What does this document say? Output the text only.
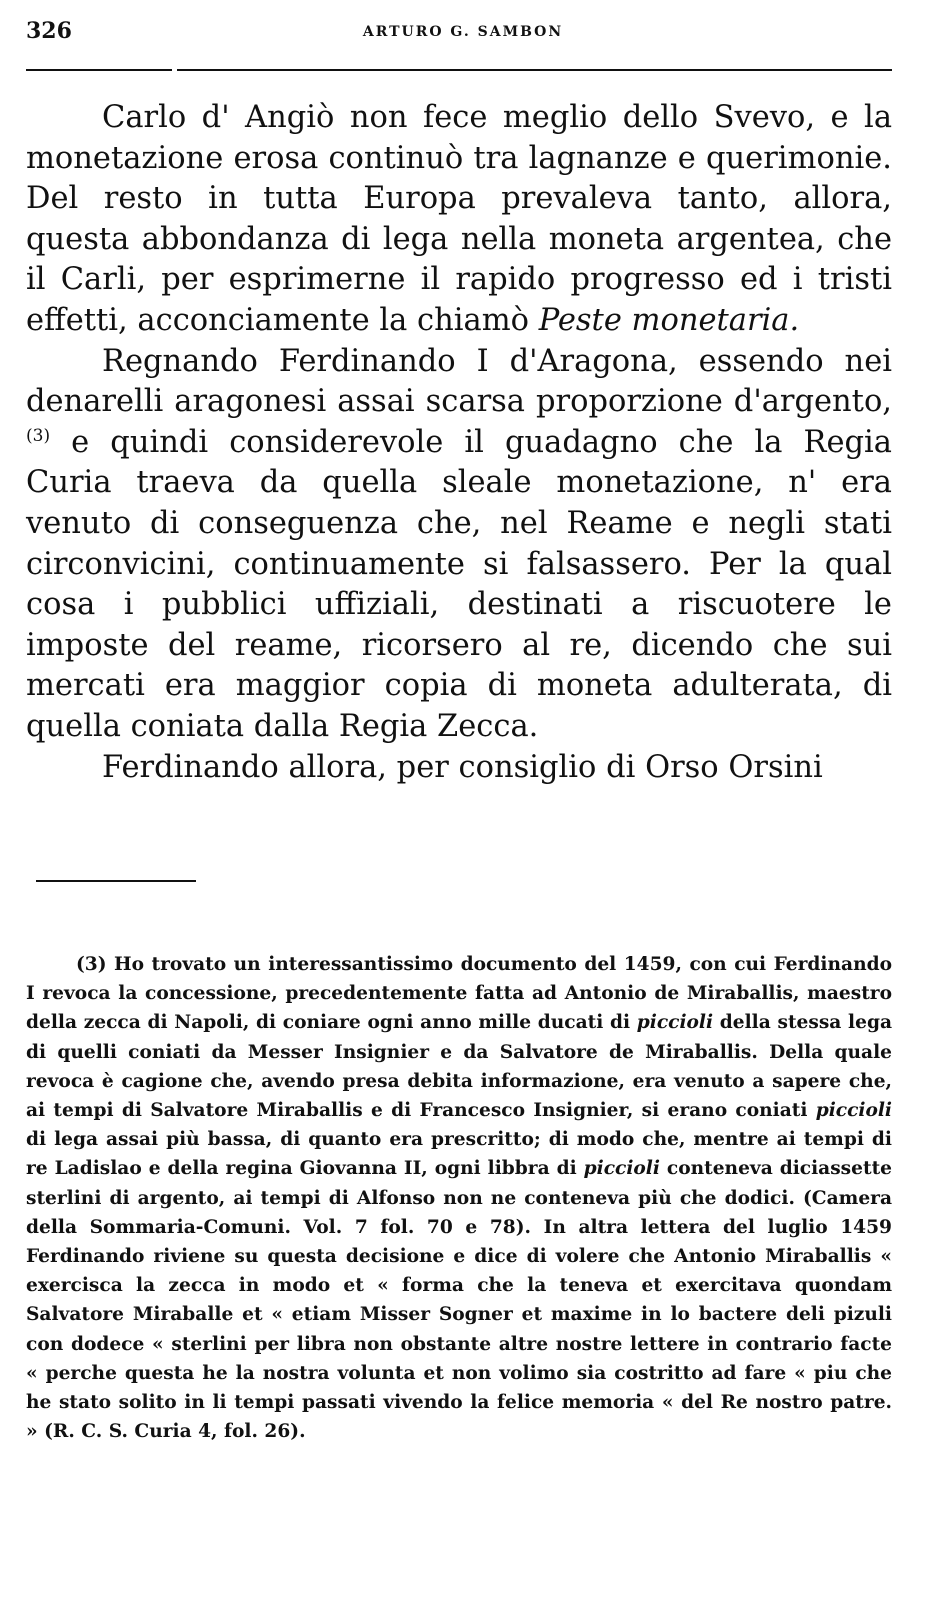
326	ARTURO G. SAMBON

Carlo d' Angiò non fece meglio dello Svevo, e la monetazione erosa continuò tra lagnanze e querimonie. Del resto in tutta Europa prevaleva tanto, allora, questa abbondanza di lega nella moneta argentea, che il Carli, per esprimerne il rapido progresso ed i tristi effetti, acconciamente la chiamò Peste monetaria.

Regnando Ferdinando I d'Aragona, essendo nei denarelli aragonesi assai scarsa proporzione d'argento,$^{(3)}$ e quindi considerevole il guadagno che la Regia Curia traeva da quella sleale monetazione, n' era venuto di conseguenza che, nel Reame e negli stati circonvicini, continuamente si falsassero. Per la qual cosa i pubblici uffiziali, destinati a riscuotere le imposte del reame, ricorsero al re, dicendo che sui mercati era maggior copia di moneta adulterata, di quella coniata dalla Regia Zecca.

Ferdinando allora, per consiglio di Orso Orsini

(3) Ho trovato un interessantissimo documento del 1459, con cui Ferdinando I revoca la concessione, precedentemente fatta ad Antonio de Miraballis, maestro della zecca di Napoli, di coniare ogni anno mille ducati di piccioli della stessa lega di quelli coniati da Messer Insignier e da Salvatore de Miraballis. Della quale revoca è cagione che, avendo presa debita informazione, era venuto a sapere che, ai tempi di Salvatore Miraballis e di Francesco Insignier, si erano coniati piccioli di lega assai più bassa, di quanto era prescritto; di modo che, mentre ai tempi di re Ladislao e della regina Giovanna II, ogni libbra di piccioli conteneva diciassette sterlini di argento, ai tempi di Alfonso non ne conteneva più che dodici. (Camera della Sommaria-Comuni. Vol. 7 fol. 70 e 78). In altra lettera del luglio 1459 Ferdinando riviene su questa decisione e dice di volere che Antonio Miraballis « exercisca la zecca in modo et « forma che la teneva et exercitava quondam Salvatore Miraballe et « etiam Misser Sogner et maxime in lo bactere deli pizuli con dodece « sterlini per libra non obstante altre nostre lettere in contrario facte « perche questa he la nostra volunta et non volimo sia costritto ad fare « piu che he stato solito in li tempi passati vivendo la felice memoria « del Re nostro patre. » (R. C. S. Curia 4, fol. 26).
